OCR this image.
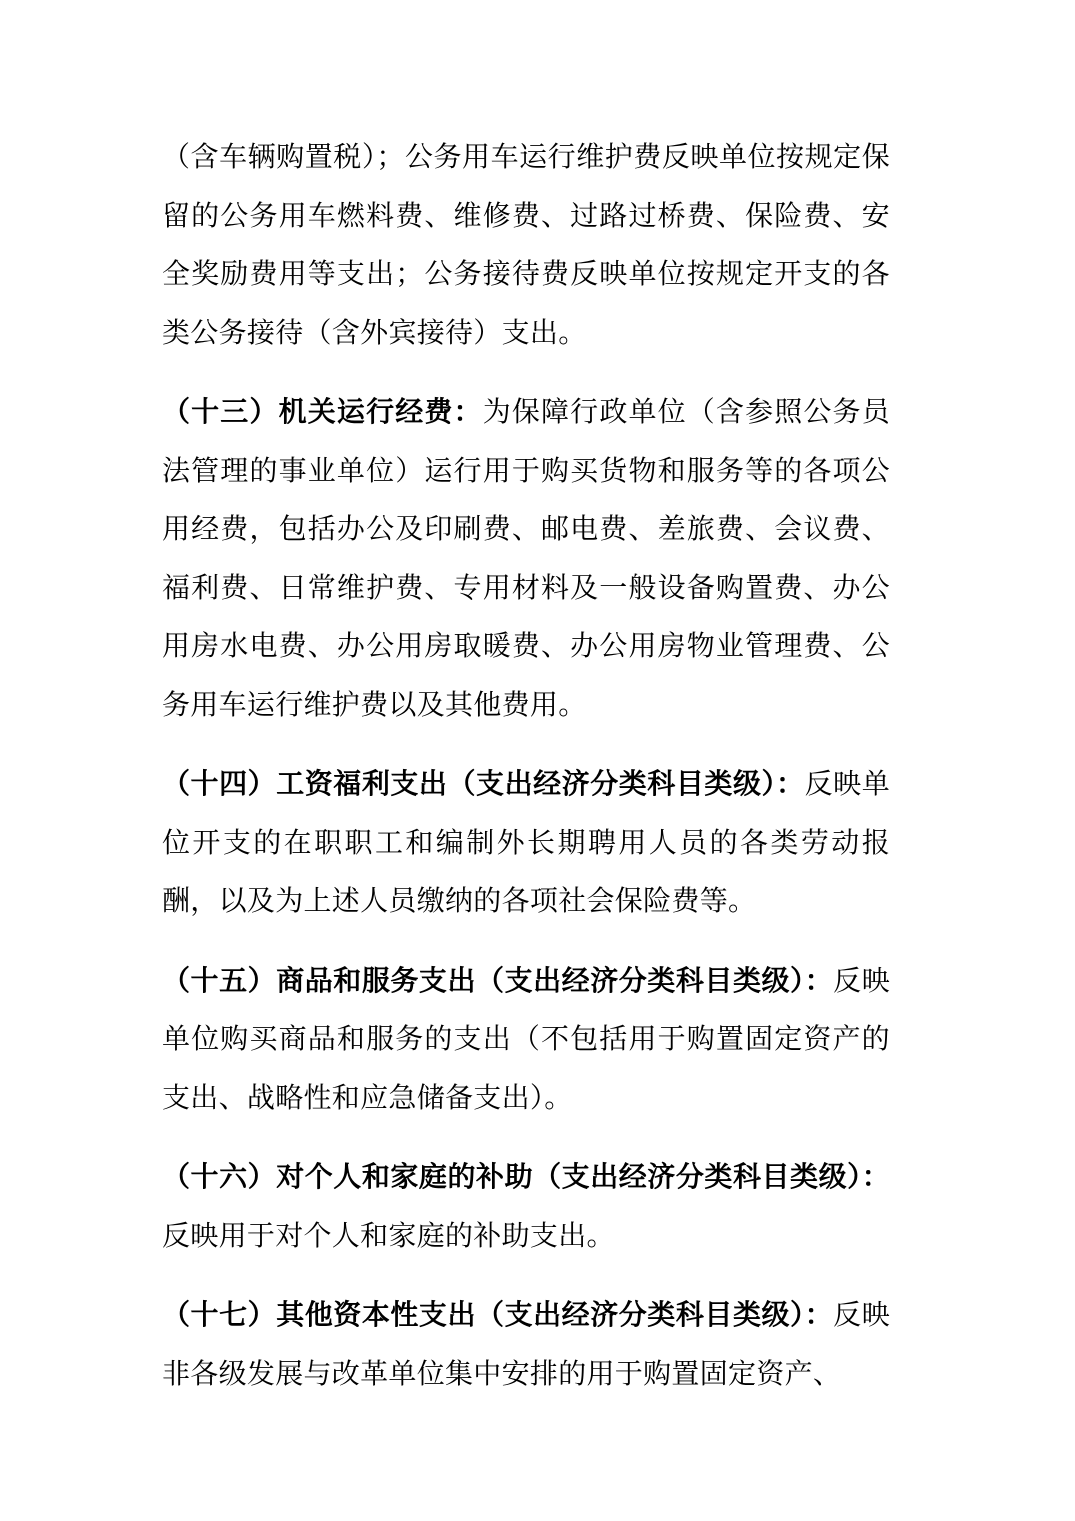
（含车辆购置税）；公务用车运行维护费反映单位按规定保留的公务用车燃料费、维修费、过路过桥费、保险费、安全奖励费用等支出；公务接待费反映单位按规定开支的各类公务接待（含外宾接待）支出。

（十三）机关运行经费：为保障行政单位（含参照公务员法管理的事业单位）运行用于购买货物和服务等的各项公用经费，包括办公及印刷费、邮电费、差旅费、会议费、福利费、日常维护费、专用材料及一般设备购置费、办公用房水电费、办公用房取暖费、办公用房物业管理费、公务用车运行维护费以及其他费用。

（十四）工资福利支出（支出经济分类科目类级）：反映单位开支的在职职工和编制外长期聘用人员的各类劳动报酬，以及为上述人员缴纳的各项社会保险费等。

（十五）商品和服务支出（支出经济分类科目类级）：反映单位购买商品和服务的支出（不包括用于购置固定资产的支出、战略性和应急储备支出）。

（十六）对个人和家庭的补助（支出经济分类科目类级）：反映用于对个人和家庭的补助支出。

（十七）其他资本性支出（支出经济分类科目类级）：反映非各级发展与改革单位集中安排的用于购置固定资产、
